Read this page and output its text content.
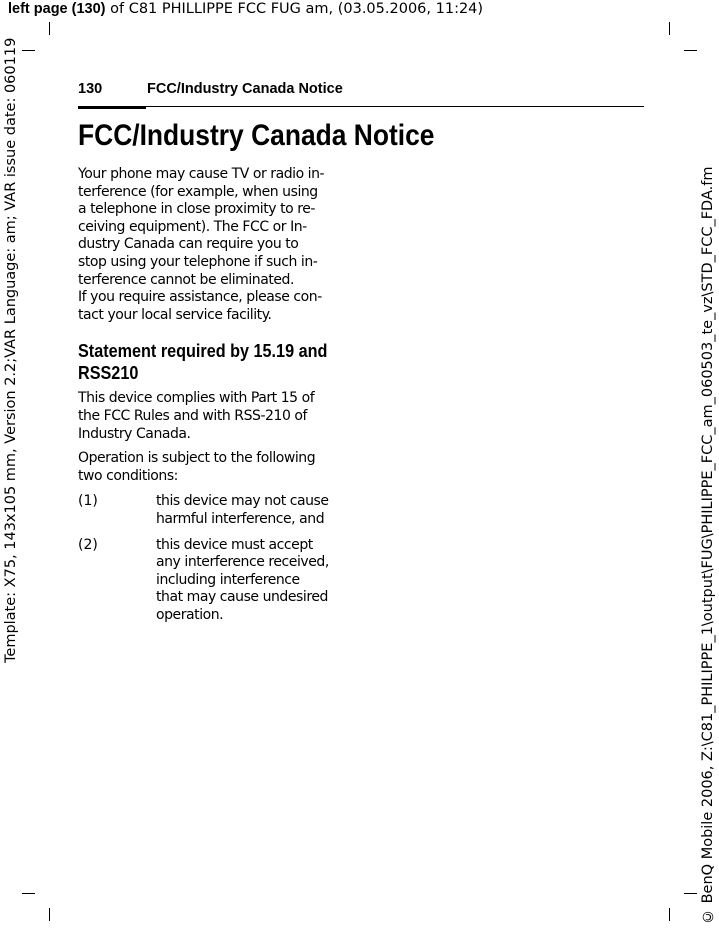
left page (130) of C81 PHILLIPPE FCC FUG am, (03.05.2006, 11:24)
Template: X75, 143x105 mm, Version 2.2;VAR Language: am; VAR issue date: 060119	© BenQ Mobile 2006, Z:\C81_PHILIPPE_1\output\FUG\PHILIPPE_FCC_am_060503_te_vz\STD_FCC_FDA.fm
130	FCC/Industry Canada Notice
FCC/Industry Canada Notice

Your phone may cause TV or radio in-

terference (for example, when using

a telephone in close proximity to re-

ceiving equipment). The FCC or In-

dustry Canada can require you to

stop using your telephone if such in-

terference cannot be eliminated.

If you require assistance, please con-

tact your local service facility.

Statement required by 15.19 and
RSS210

This device complies with Part 15 of

the FCC Rules and with RSS-210 of

Industry Canada.

Operation is subject to the following

two conditions:

(1)	this device may not cause
harmful interference, and
(2)	this device must accept
any interference received,
including interference
that may cause undesired
operation.
